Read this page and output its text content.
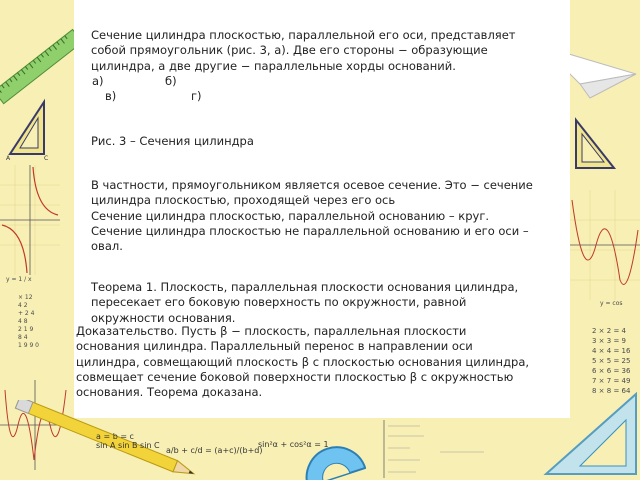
A	C
y = 1 / x
× 12
4 2
+ 2 4
4 8
2 1 9
8 4
1 9 9 0
y = cos
2 × 2 = 4
3 × 3 = 9
4 × 4 = 16
5 × 5 = 25
6 × 6 = 36
7 × 7 = 49
8 × 8 = 64
a = b = c
sin A sin B sin C
a/b + c/d = (a+c)/(b+d)
sin²α + cos²α = 1
Сечение цилиндра плоскостью, параллельной его оси, представляет
собой прямоугольник (рис. 3, а). Две его стороны − образующие
цилиндра, а две другие − параллельные хорды оснований.
а)	б)
в)	г)
Рис. 3 – Сечения цилиндра
В частности, прямоугольником является осевое сечение. Это − сечение
цилиндра плоскостью, проходящей через его ось
Сечение цилиндра плоскостью, параллельной основанию – круг.
Сечение цилиндра плоскостью не параллельной основанию и его оси –
овал.
Теорема 1. Плоскость, параллельная плоскости основания цилиндра,
пересекает его боковую поверхность по окружности, равной
окружности основания.
Доказательство. Пусть β − плоскость, параллельная плоскости
основания цилиндра. Параллельный перенос в направлении оси
цилиндра, совмещающий плоскость β с плоскостью основания цилиндра,
совмещает сечение боковой поверхности плоскостью β с окружностью
основания. Теорема доказана.
